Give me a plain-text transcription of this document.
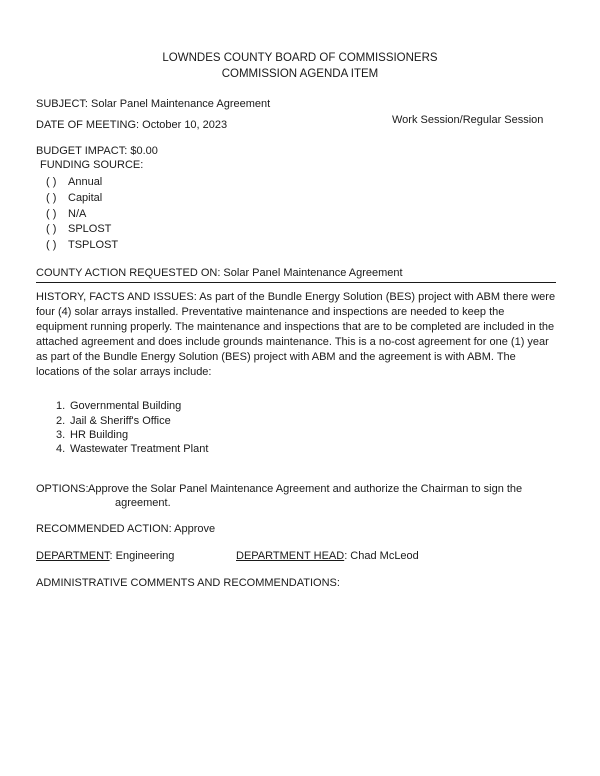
LOWNDES COUNTY BOARD OF COMMISSIONERS
COMMISSION AGENDA ITEM
SUBJECT: Solar Panel Maintenance Agreement
DATE OF MEETING: October 10, 2023	Work Session/Regular Session
BUDGET IMPACT: $0.00
FUNDING SOURCE:
( ) Annual
( ) Capital
( ) N/A
( ) SPLOST
( ) TSPLOST
COUNTY ACTION REQUESTED ON: Solar Panel Maintenance Agreement
HISTORY, FACTS AND ISSUES: As part of the Bundle Energy Solution (BES) project with ABM there were four (4) solar arrays installed. Preventative maintenance and inspections are needed to keep the equipment running properly. The maintenance and inspections that are to be completed are included in the attached agreement and does include grounds maintenance. This is a no-cost agreement for one (1) year as part of the Bundle Energy Solution (BES) project with ABM and the agreement is with ABM. The locations of the solar arrays include:
1. Governmental Building
2. Jail & Sheriff's Office
3. HR Building
4. Wastewater Treatment Plant
OPTIONS: Approve the Solar Panel Maintenance Agreement and authorize the Chairman to sign the
agreement.
RECOMMENDED ACTION: Approve
DEPARTMENT: Engineering	DEPARTMENT HEAD: Chad McLeod
ADMINISTRATIVE COMMENTS AND RECOMMENDATIONS:
